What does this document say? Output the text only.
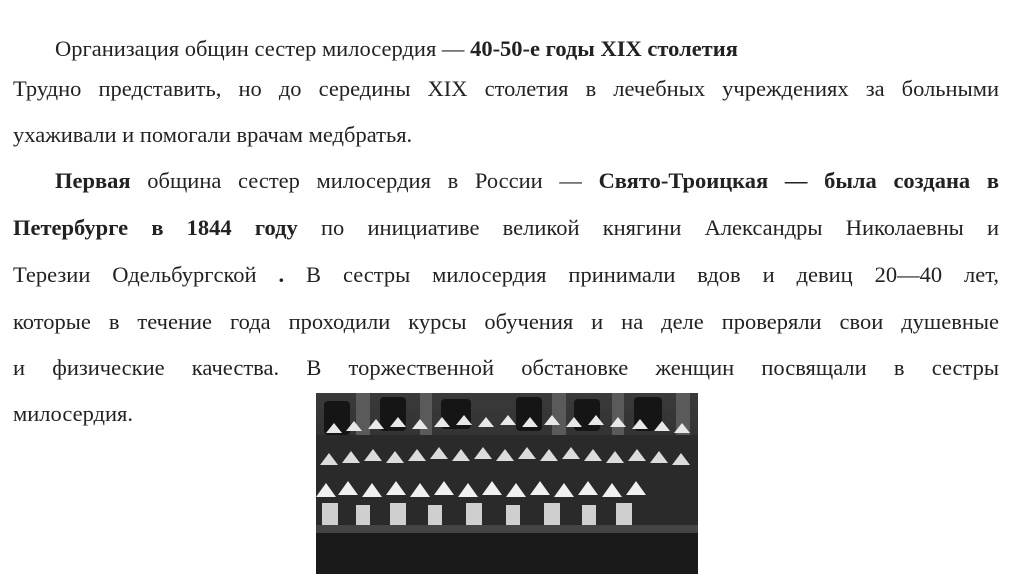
Организация общин сестер милосердия — 40-50-е годы XIX столетия
Трудно представить, но до середины XIX столетия в лечебных учреждениях за больными
ухаживали и помогали врачам медбратья.
Первая община сестер милосердия в России — Свято-Троицкая — была создана в
Петербурге в 1844 году по инициативе великой княгини Александры Николаевны и
Терезии Одельбургской . В сестры милосердия принимали вдов и девиц 20—40 лет,
которые в течение года проходили курсы обучения и на деле проверяли свои душевные
и физические качества. В торжественной обстановке женщин посвящали в сестры
милосердия.
